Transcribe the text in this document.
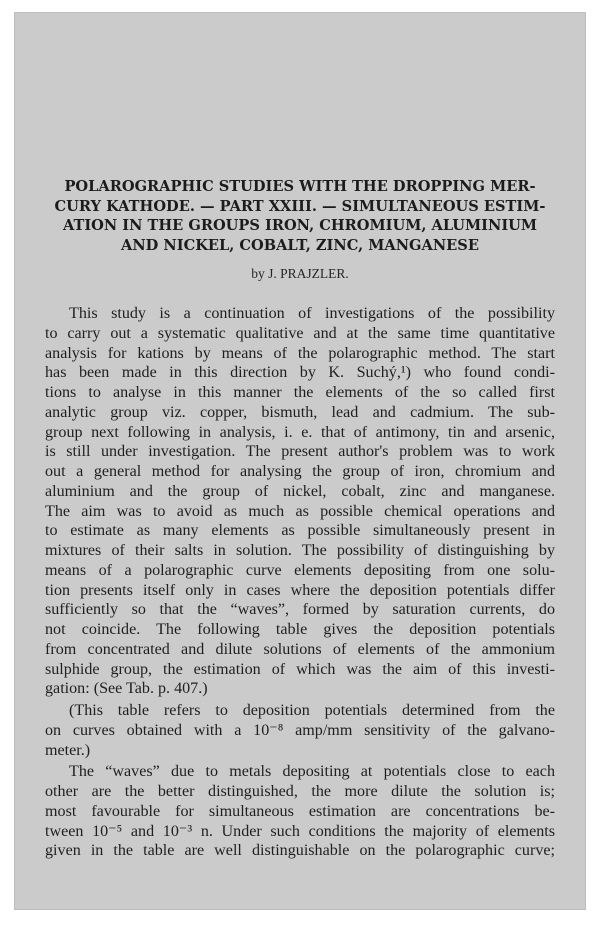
POLAROGRAPHIC STUDIES WITH THE DROPPING MER-
CURY KATHODE. — PART XXIII. — SIMULTANEOUS ESTIM-
ATION IN THE GROUPS IRON, CHROMIUM, ALUMINIUM
AND NICKEL, COBALT, ZINC, MANGANESE
by J. PRAJZLER.
This study is a continuation of investigations of the possibility
to carry out a systematic qualitative and at the same time quantitative
analysis for kations by means of the polarographic method. The start
has been made in this direction by K. Suchý,¹) who found condi-
tions to analyse in this manner the elements of the so called first
analytic group viz. copper, bismuth, lead and cadmium. The sub-
group next following in analysis, i. e. that of antimony, tin and arsenic,
is still under investigation. The present author's problem was to work
out a general method for analysing the group of iron, chromium and
aluminium and the group of nickel, cobalt, zinc and manganese.
The aim was to avoid as much as possible chemical operations and
to estimate as many elements as possible simultaneously present in
mixtures of their salts in solution. The possibility of distinguishing by
means of a polarographic curve elements depositing from one solu-
tion presents itself only in cases where the deposition potentials differ
sufficiently so that the “waves”, formed by saturation currents, do
not coincide. The following table gives the deposition potentials
from concentrated and dilute solutions of elements of the ammonium
sulphide group, the estimation of which was the aim of this investi-
gation: (See Tab. p. 407.)
(This table refers to deposition potentials determined from the
on curves obtained with a 10⁻⁸ amp/mm sensitivity of the galvano-
meter.)
The “waves” due to metals depositing at potentials close to each
other are the better distinguished, the more dilute the solution is;
most favourable for simultaneous estimation are concentrations be-
tween 10⁻⁵ and 10⁻³ n. Under such conditions the majority of elements
given in the table are well distinguishable on the polarographic curve;
